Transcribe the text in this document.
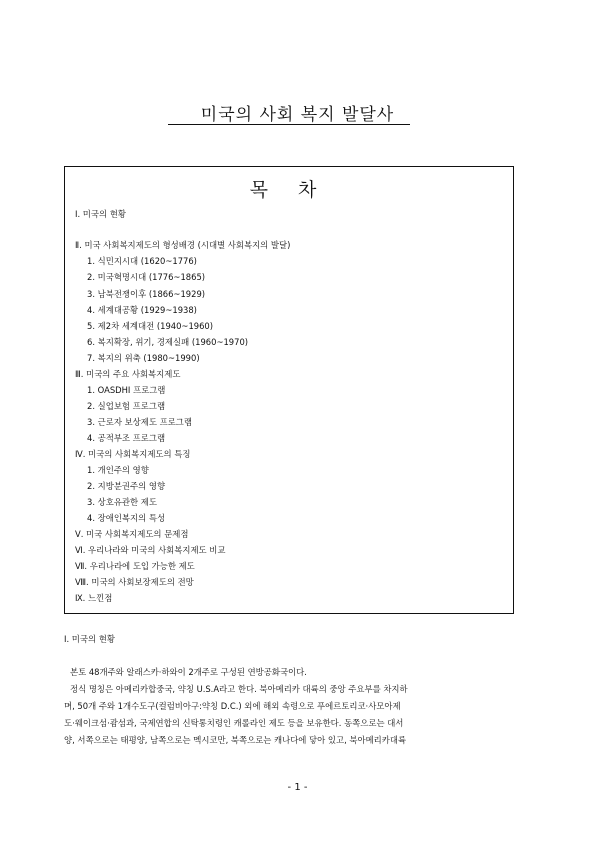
미국의 사회 복지 발달사
목 차
Ⅰ. 미국의 현황
Ⅱ. 미국 사회복지제도의 형성배경 (시대별 사회복지의 발달)
1. 식민지시대 (1620~1776)
2. 미국혁명시대 (1776~1865)
3. 남북전쟁이후 (1866~1929)
4. 세계대공황 (1929~1938)
5. 제2차 세계대전 (1940~1960)
6. 복지확장, 위기, 경제실패 (1960~1970)
7. 복지의 위축 (1980~1990)
Ⅲ. 미국의 주요 사회복지제도
1. OASDHI 프로그램
2. 실업보험 프로그램
3. 근로자 보상제도 프로그램
4. 공적부조 프로그램
Ⅳ. 미국의 사회복지제도의 특징
1. 개인주의 영향
2. 지방분권주의 영향
3. 상호유관한 제도
4. 장애인복지의 특성
Ⅴ. 미국 사회복지제도의 문제점
Ⅵ. 우리나라와 미국의 사회복지제도 비교
Ⅶ. 우리나라에 도입 가능한 제도
Ⅷ. 미국의 사회보장제도의 전망
Ⅸ. 느낀점
Ⅰ. 미국의 현황
본토 48개주와 알래스카·하와이 2개주로 구성된 연방공화국이다.
정식 명칭은 아메리카합중국, 약칭 U.S.A라고 한다. 북아메리카 대륙의 중앙 주요부를 차지하
며, 50개 주와 1개수도구(컬럼비아구:약칭 D.C.) 외에 해외 속령으로 푸에르토리코·사모아제
도·웨이크섬·괌섬과, 국제연합의 신탁통치령인 캐롤라인 제도 등을 보유한다. 동쪽으로는 대서
양, 서쪽으로는 태평양, 남쪽으로는 멕시코만, 북쪽으로는 캐나다에 닿아 있고, 북아메리카대륙
- 1 -
